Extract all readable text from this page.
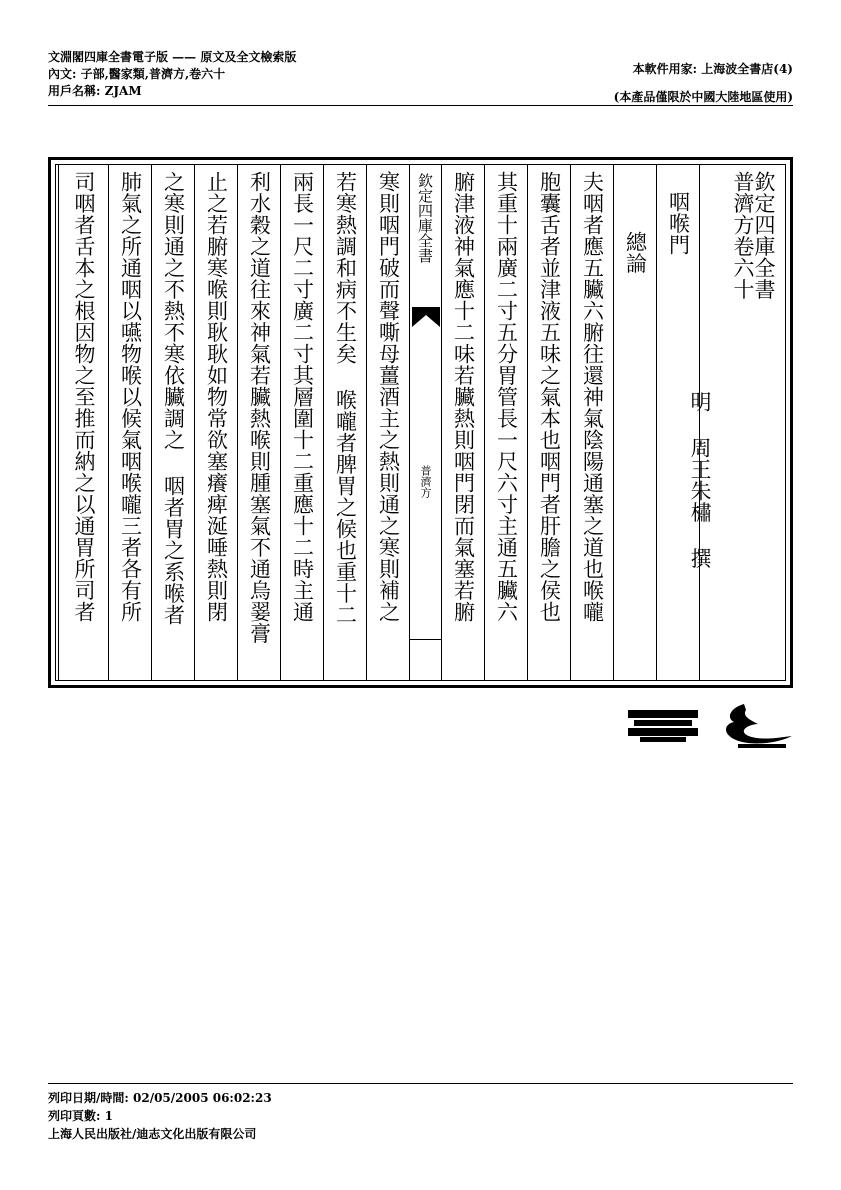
文淵閣四庫全書電子版 —— 原文及全文檢索版
內文: 子部,醫家類,普濟方,卷六十
用戶名稱: ZJAM
本軟件用家: 上海波全書店(4)
(本產品僅限於中國大陸地區使用)
欽定四庫全書
普濟方卷六十
明 周王朱橚 撰
咽喉門
總論
夫咽者應五臟六腑往還神氣陰陽通塞之道也喉嚨
胞囊舌者並津液五味之氣本也咽門者肝膽之侯也
其重十兩廣二寸五分胃管長一尺六寸主通五臟六
腑津液神氣應十二味若臟熱則咽門閉而氣塞若腑
欽定四庫全書
普濟方
寒則咽門破而聲嘶母薑酒主之熱則通之寒則補之
若寒熱調和病不生矣 喉嚨者脾胃之候也重十二
兩長一尺二寸廣二寸其層圍十二重應十二時主通
利水穀之道往來神氣若臟熱喉則腫塞氣不通烏翣膏
止之若腑寒喉則耿耿如物常欲塞癢痺涎唾熱則閉
之寒則通之不熱不寒依臟調之 咽者胃之系喉者
肺氣之所通咽以嚥物喉以候氣咽喉嚨三者各有所
司咽者舌本之根因物之至推而納之以通胃所司者
列印日期/時間: 02/05/2005 06:02:23
列印頁數: 1
上海人民出版社/迪志文化出版有限公司
